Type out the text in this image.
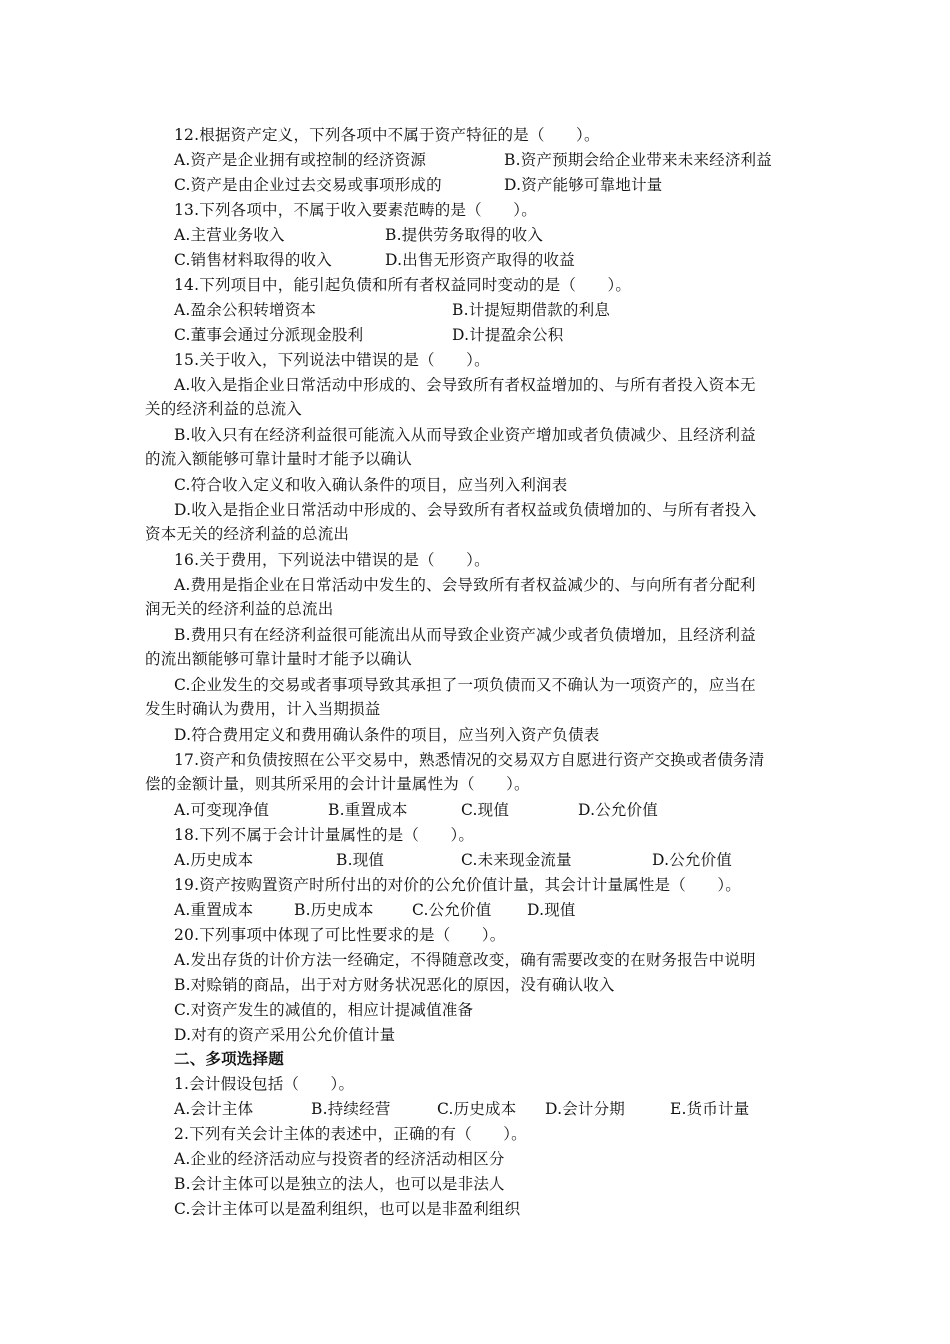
12.根据资产定义，下列各项中不属于资产特征的是（　　）。
A.资产是企业拥有或控制的经济资源	B.资产预期会给企业带来未来经济利益
C.资产是由企业过去交易或事项形成的	D.资产能够可靠地计量
13.下列各项中，不属于收入要素范畴的是（　　）。
A.主营业务收入	B.提供劳务取得的收入
C.销售材料取得的收入	D.出售无形资产取得的收益
14.下列项目中，能引起负债和所有者权益同时变动的是（　　）。
A.盈余公积转增资本	B.计提短期借款的利息
C.董事会通过分派现金股利	D.计提盈余公积
15.关于收入，下列说法中错误的是（　　）。
A.收入是指企业日常活动中形成的、会导致所有者权益增加的、与所有者投入资本无
关的经济利益的总流入
B.收入只有在经济利益很可能流入从而导致企业资产增加或者负债减少、且经济利益
的流入额能够可靠计量时才能予以确认
C.符合收入定义和收入确认条件的项目，应当列入利润表
D.收入是指企业日常活动中形成的、会导致所有者权益或负债增加的、与所有者投入
资本无关的经济利益的总流出
16.关于费用，下列说法中错误的是（　　）。
A.费用是指企业在日常活动中发生的、会导致所有者权益减少的、与向所有者分配利
润无关的经济利益的总流出
B.费用只有在经济利益很可能流出从而导致企业资产减少或者负债增加，且经济利益
的流出额能够可靠计量时才能予以确认
C.企业发生的交易或者事项导致其承担了一项负债而又不确认为一项资产的，应当在
发生时确认为费用，计入当期损益
D.符合费用定义和费用确认条件的项目，应当列入资产负债表
17.资产和负债按照在公平交易中，熟悉情况的交易双方自愿进行资产交换或者债务清
偿的金额计量，则其所采用的会计计量属性为（　　）。
A.可变现净值	B.重置成本	C.现值	D.公允价值
18.下列不属于会计计量属性的是（　　）。
A.历史成本	B.现值	C.未来现金流量	D.公允价值
19.资产按购置资产时所付出的对价的公允价值计量，其会计计量属性是（　　）。
A.重置成本	B.历史成本 C.公允价值 D.现值
20.下列事项中体现了可比性要求的是（　　）。
A.发出存货的计价方法一经确定，不得随意改变，确有需要改变的在财务报告中说明
B.对赊销的商品，出于对方财务状况恶化的原因，没有确认收入
C.对资产发生的减值的，相应计提减值准备
D.对有的资产采用公允价值计量
二、多项选择题
1.会计假设包括（　　）。
A.会计主体	B.持续经营	C.历史成本 D.会计分期	E.货币计量
2.下列有关会计主体的表述中，正确的有（　　）。
A.企业的经济活动应与投资者的经济活动相区分
B.会计主体可以是独立的法人，也可以是非法人
C.会计主体可以是盈利组织，也可以是非盈利组织
